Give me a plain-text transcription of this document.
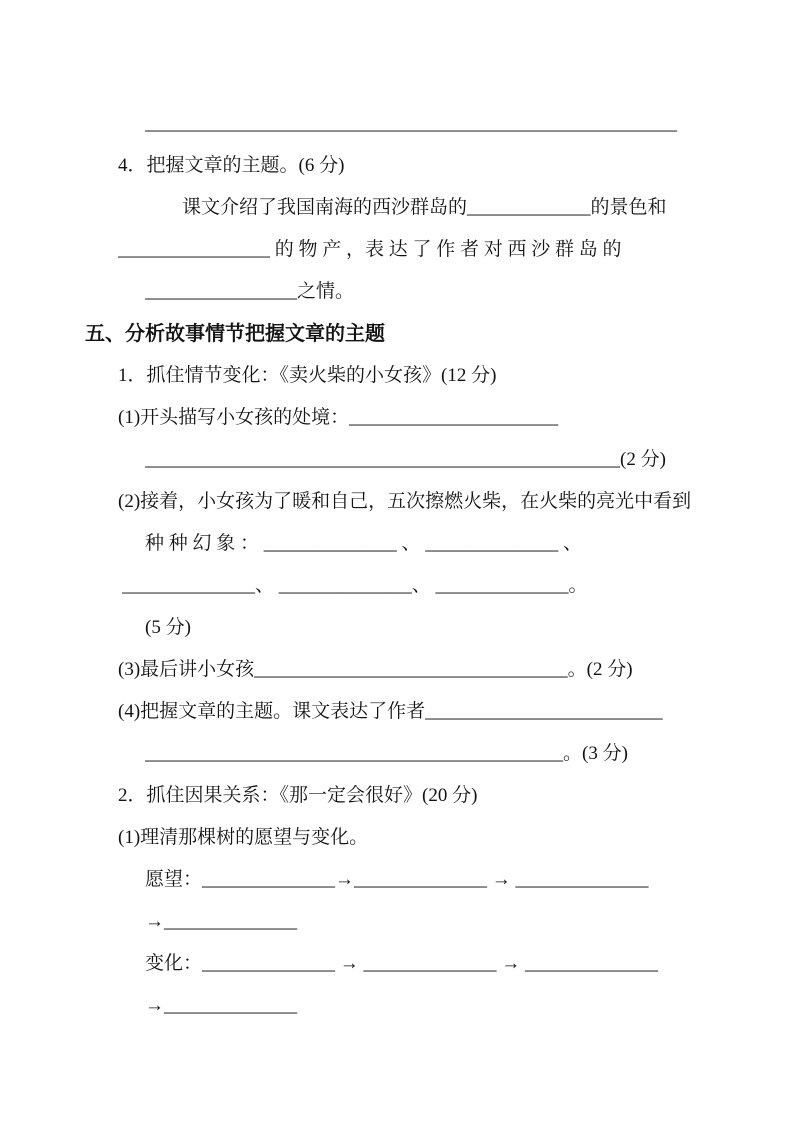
________________________________________________________
4．把握文章的主题。(6 分)
课文介绍了我国南海的西沙群岛的_____________的景色和
________________ 的 物 产 ，表 达 了 作 者 对 西 沙 群 岛 的
________________之情。
五、分析故事情节把握文章的主题
1．抓住情节变化：《卖火柴的小女孩》(12 分)
(1)开头描写小女孩的处境：______________________
__________________________________________________(2 分)
(2)接着，小女孩为了暖和自己，五次擦燃火柴，在火柴的亮光中看到
种 种 幻 象 ： ______________ 、 ______________ 、
______________、 ______________、 ______________。
(5 分)
(3)最后讲小女孩_________________________________。(2 分)
(4)把握文章的主题。课文表达了作者_________________________
____________________________________________。(3 分)
2．抓住因果关系：《那一定会很好》(20 分)
(1)理清那棵树的愿望与变化。
愿望：______________→______________ → ______________
→______________
变化：______________ → ______________ → ______________
→______________
